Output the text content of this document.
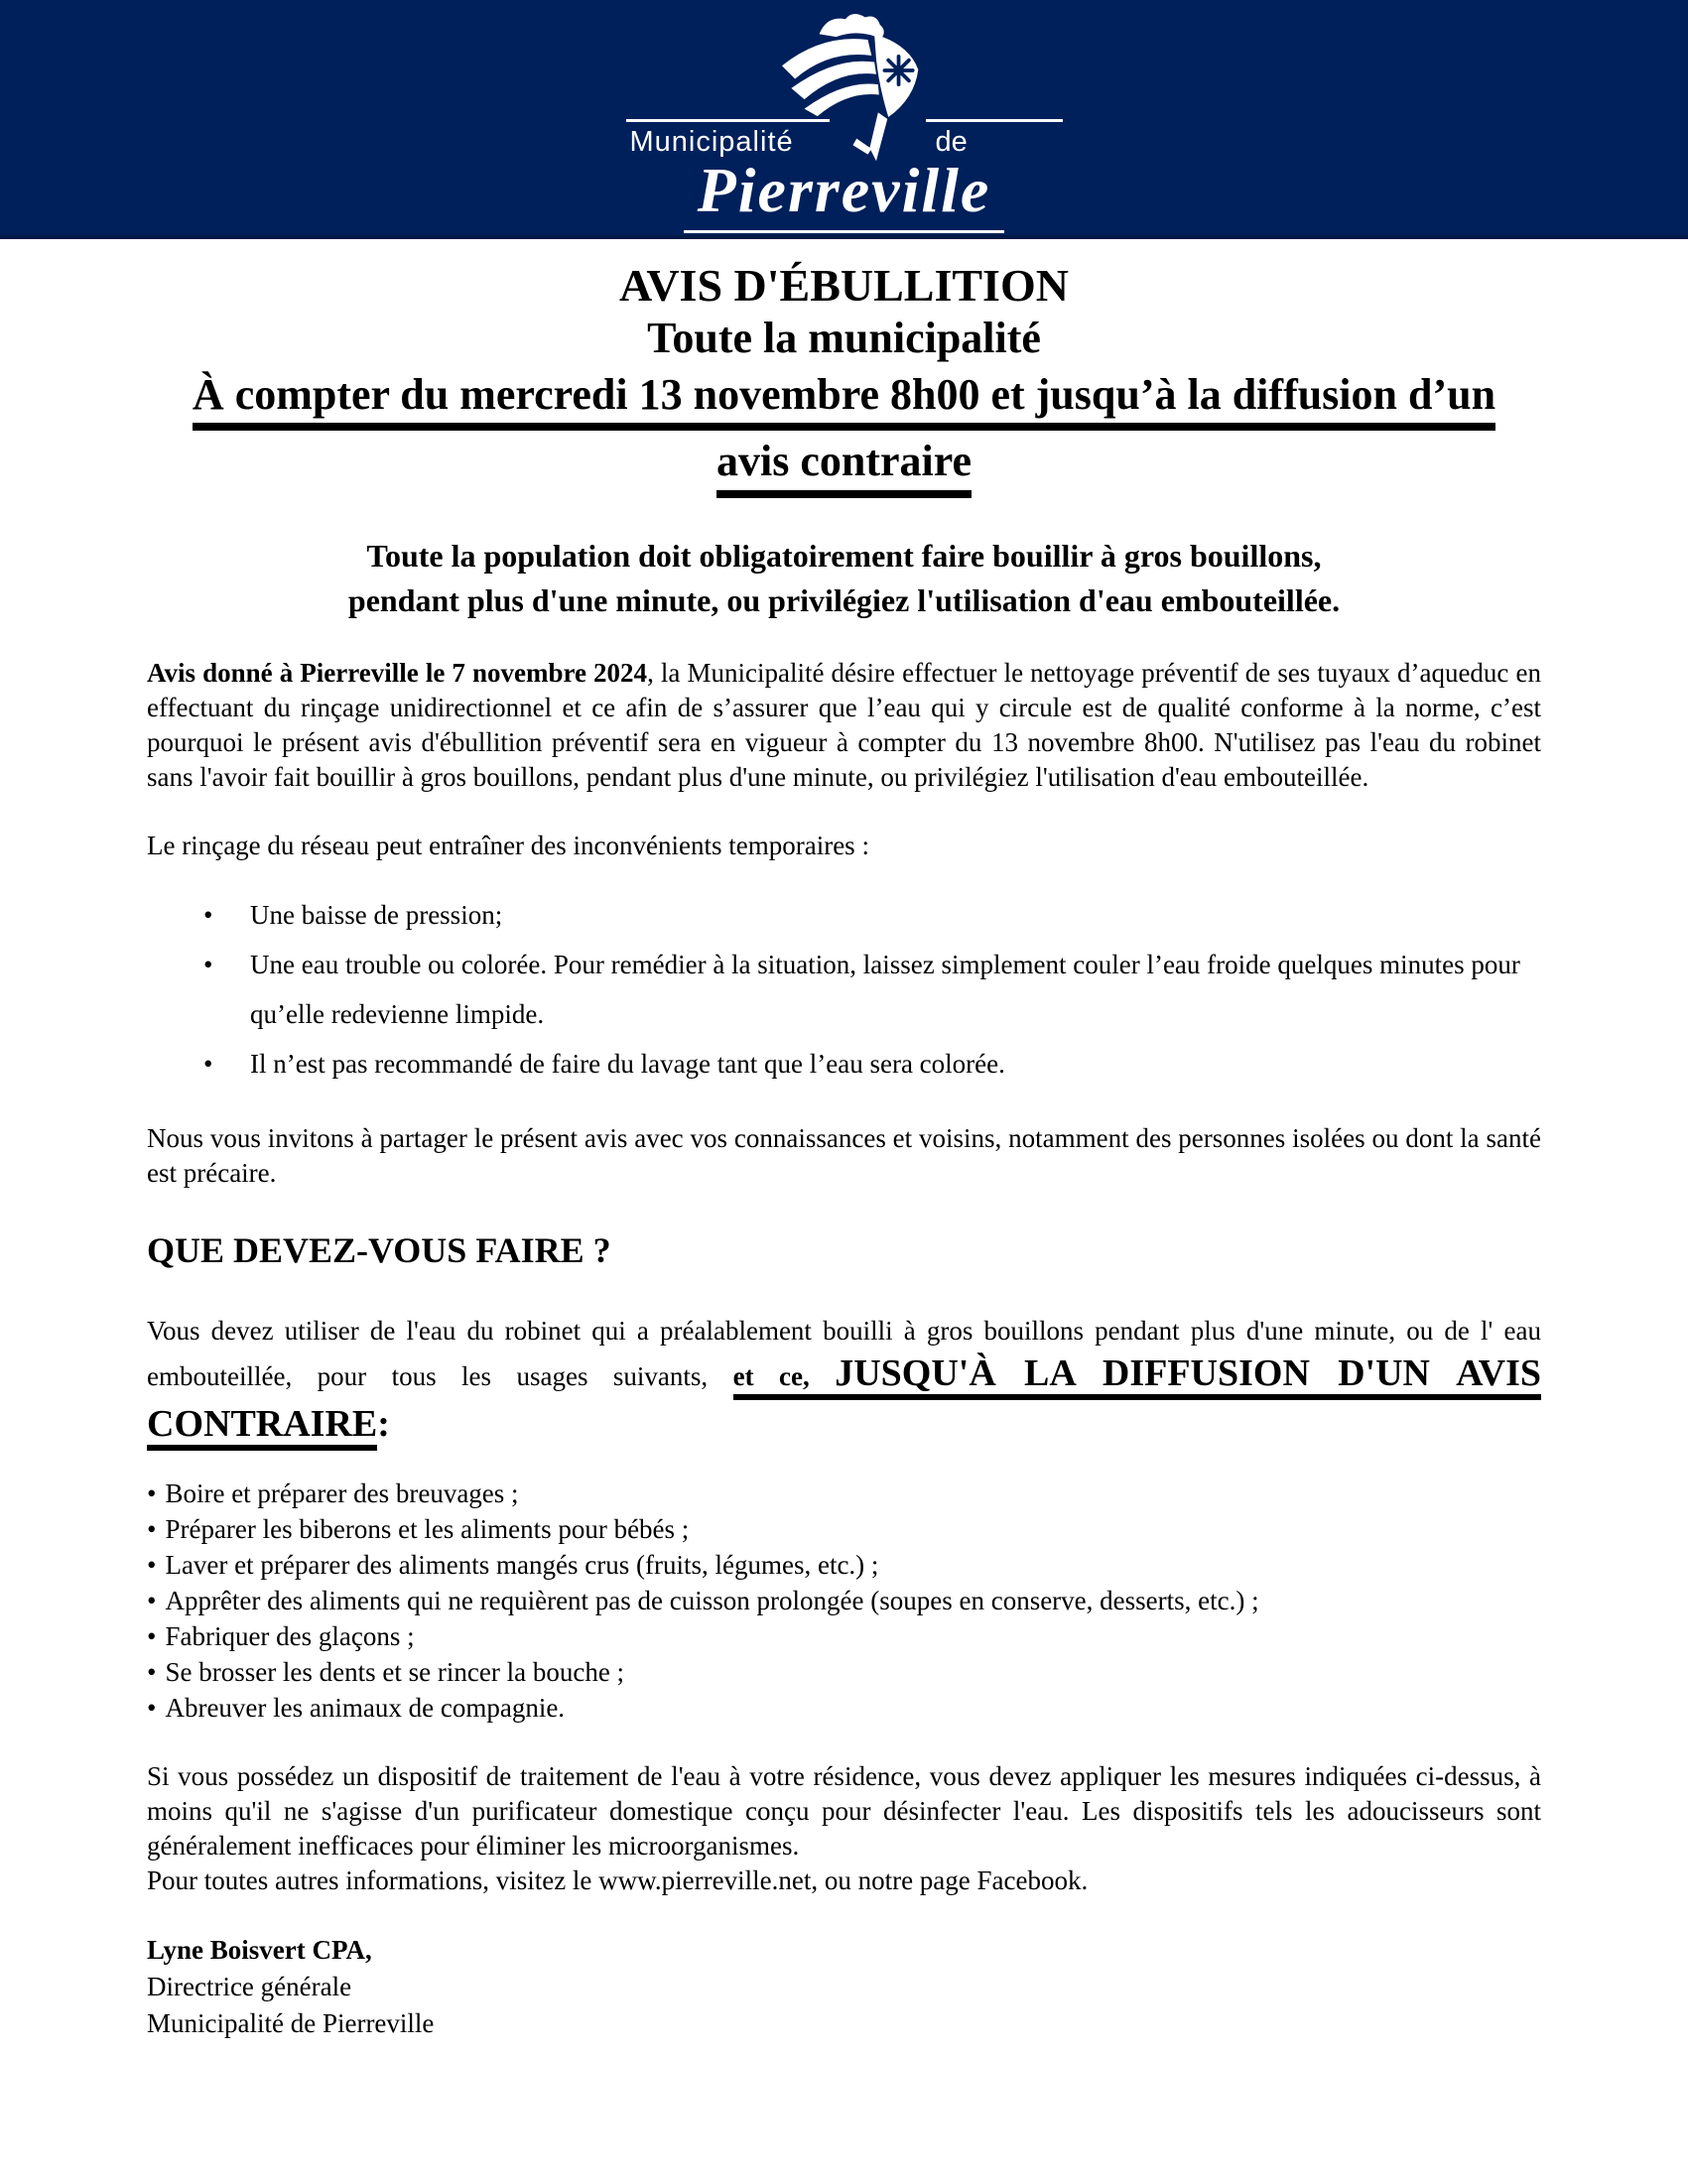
Municipalité	de
Pierreville
AVIS D'ÉBULLITION
Toute la municipalité
À compter du mercredi 13 novembre 8h00 et jusqu’à la diffusion d’un
avis contraire
Toute la population doit obligatoirement faire bouillir à gros bouillons,
pendant plus d'une minute, ou privilégiez l'utilisation d'eau embouteillée.

Avis donné à Pierreville le 7 novembre 2024, la Municipalité désire effectuer le nettoyage préventif de ses tuyaux d’aqueduc en effectuant du rinçage unidirectionnel et ce afin de s’assurer que l’eau qui y circule est de qualité conforme à la norme, c’est pourquoi le présent avis d'ébullition préventif sera en vigueur à compter du 13 novembre 8h00. N'utilisez pas l'eau du robinet sans l'avoir fait bouillir à gros bouillons, pendant plus d'une minute, ou privilégiez l'utilisation d'eau embouteillée.

Le rinçage du réseau peut entraîner des inconvénients temporaires :

• Une baisse de pression;
• Une eau trouble ou colorée. Pour remédier à la situation, laissez simplement couler l’eau froide quelques minutes pour qu’elle redevienne limpide.
• Il n’est pas recommandé de faire du lavage tant que l’eau sera colorée.

Nous vous invitons à partager le présent avis avec vos connaissances et voisins, notamment des personnes isolées ou dont la santé est précaire.

QUE DEVEZ-VOUS FAIRE ?

Vous devez utiliser de l'eau du robinet qui a préalablement bouilli à gros bouillons pendant plus d'une minute, ou de l' eau embouteillée, pour tous les usages suivants, et ce, JUSQU'À LA DIFFUSION D'UN AVIS CONTRAIRE:

• Boire et préparer des breuvages ;
• Préparer les biberons et les aliments pour bébés ;
• Laver et préparer des aliments mangés crus (fruits, légumes, etc.) ;
• Apprêter des aliments qui ne requièrent pas de cuisson prolongée (soupes en conserve, desserts, etc.) ;
• Fabriquer des glaçons ;
• Se brosser les dents et se rincer la bouche ;
• Abreuver les animaux de compagnie.

Si vous possédez un dispositif de traitement de l'eau à votre résidence, vous devez appliquer les mesures indiquées ci-dessus, à moins qu'il ne s'agisse d'un purificateur domestique conçu pour désinfecter l'eau. Les dispositifs tels les adoucisseurs sont généralement inefficaces pour éliminer les microorganismes.

Pour toutes autres informations, visitez le www.pierreville.net, ou notre page Facebook.

Lyne Boisvert CPA,
Directrice générale
Municipalité de Pierreville
